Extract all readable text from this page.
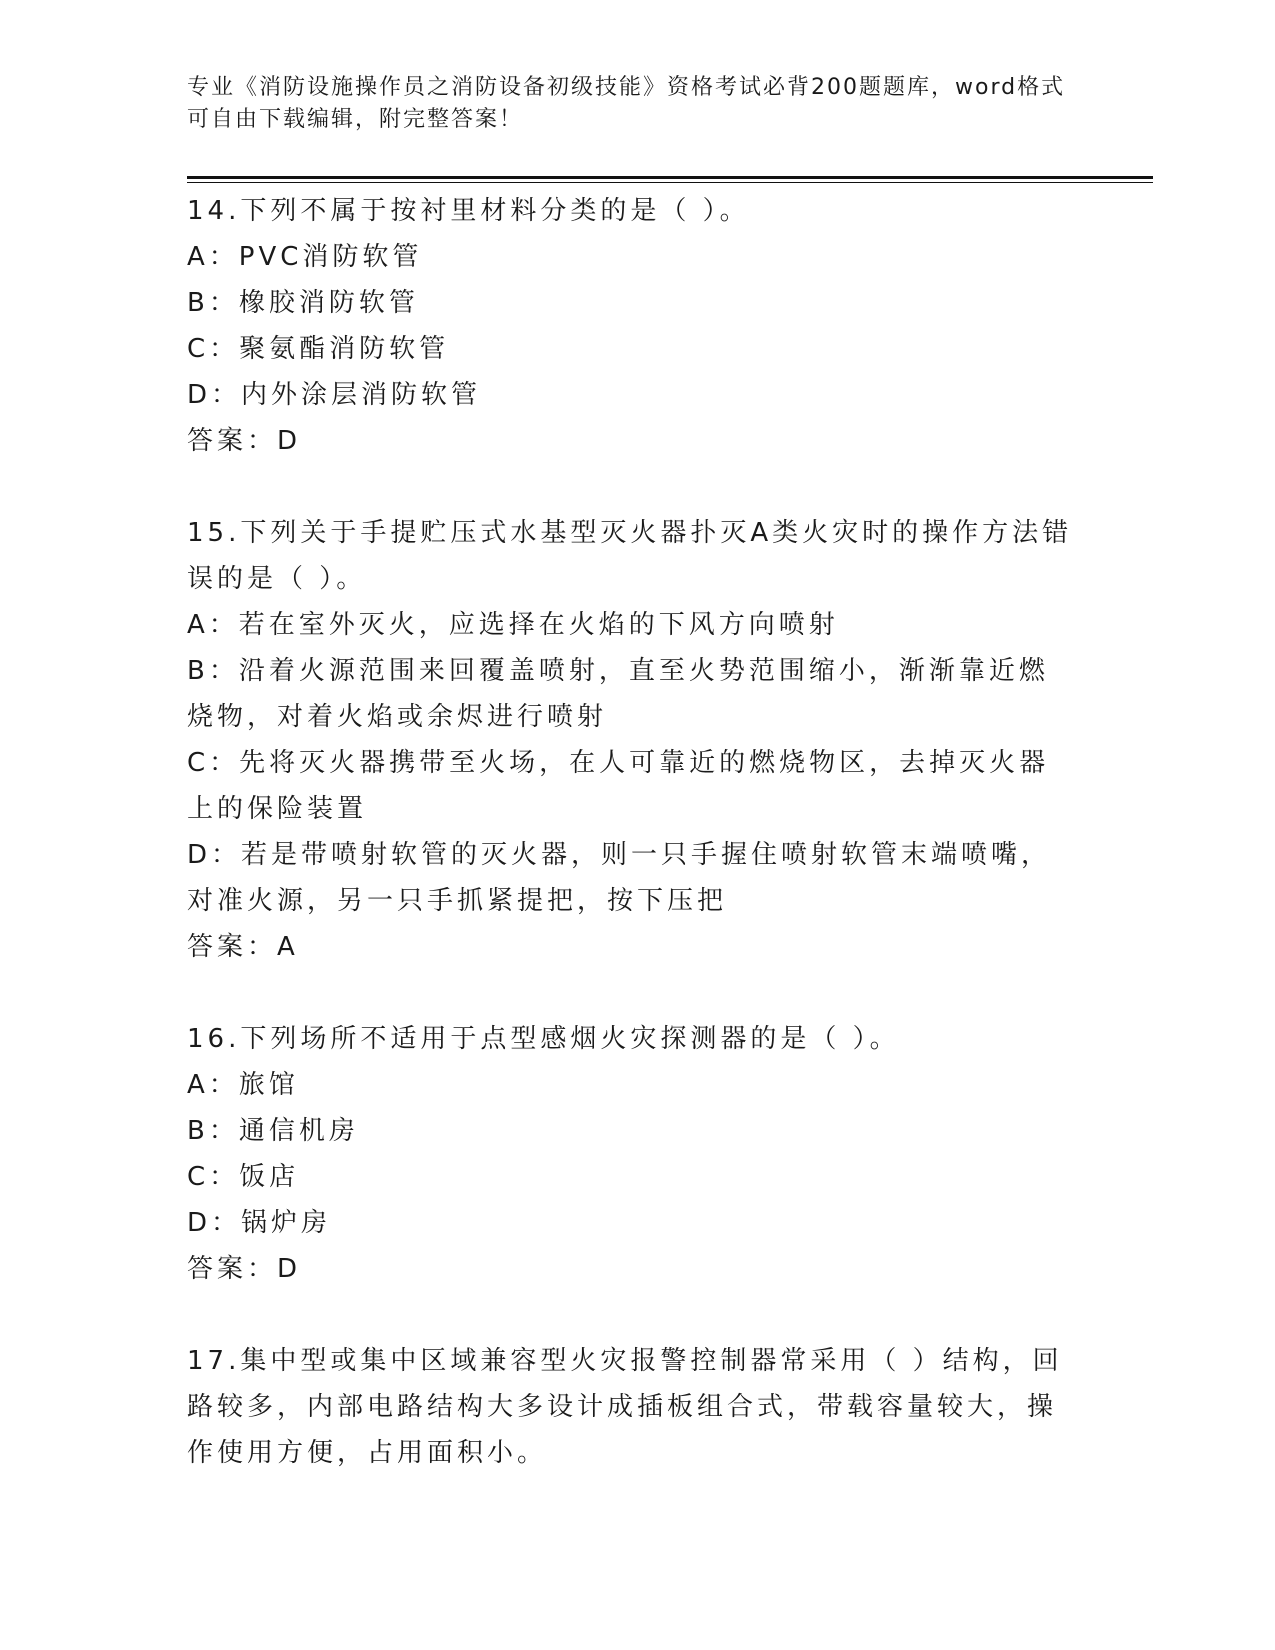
专业《消防设施操作员之消防设备初级技能》资格考试必背200题题库，word格式可自由下载编辑，附完整答案！

14.下列不属于按衬里材料分类的是（ ）。

A：PVC消防软管

B：橡胶消防软管

C：聚氨酯消防软管

D：内外涂层消防软管

答案：D

15.下列关于手提贮压式水基型灭火器扑灭A类火灾时的操作方法错误的是（ ）。

A：若在室外灭火，应选择在火焰的下风方向喷射

B：沿着火源范围来回覆盖喷射，直至火势范围缩小，渐渐靠近燃烧物，对着火焰或余烬进行喷射

C：先将灭火器携带至火场，在人可靠近的燃烧物区，去掉灭火器上的保险装置

D：若是带喷射软管的灭火器，则一只手握住喷射软管末端喷嘴，对准火源，另一只手抓紧提把，按下压把

答案：A

16.下列场所不适用于点型感烟火灾探测器的是（ ）。

A：旅馆

B：通信机房

C：饭店

D：锅炉房

答案：D

17.集中型或集中区域兼容型火灾报警控制器常采用（ ）结构，回路较多，内部电路结构大多设计成插板组合式，带载容量较大，操作使用方便，占用面积小。
